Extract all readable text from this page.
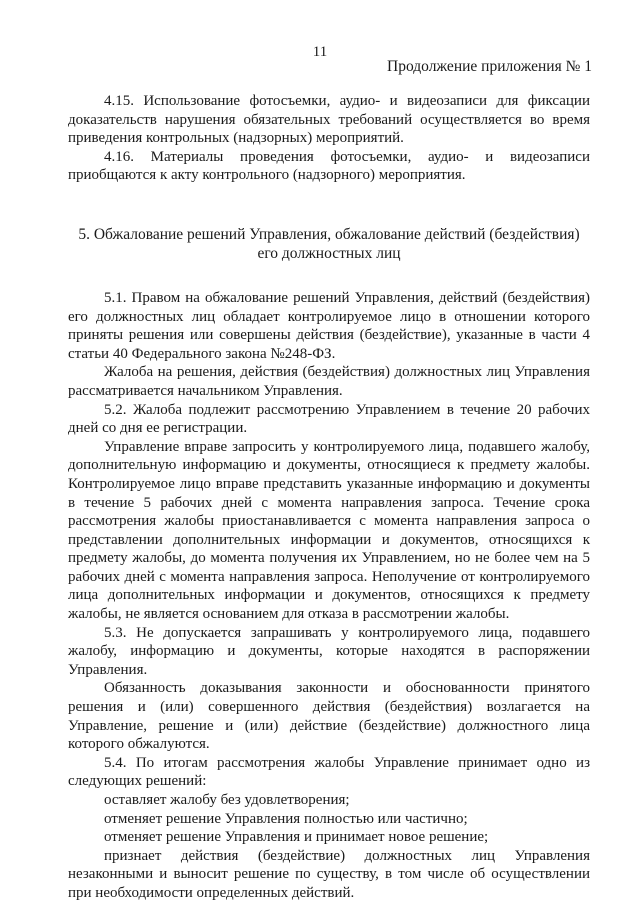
11
Продолжение приложения № 1

4.15. Использование фотосъемки, аудио- и видеозаписи для фиксации доказательств нарушения обязательных требований осуществляется во время приведения контрольных (надзорных) мероприятий.

4.16. Материалы проведения фотосъемки, аудио- и видеозаписи приобщаются к акту контрольного (надзорного) мероприятия.

5. Обжалование решений Управления, обжалование действий (бездействия)
его должностных лиц

5.1. Правом на обжалование решений Управления, действий (бездействия) его должностных лиц обладает контролируемое лицо в отношении которого приняты решения или совершены действия (бездействие), указанные в части 4 статьи 40 Федерального закона №248-ФЗ.

Жалоба на решения, действия (бездействия) должностных лиц Управления рассматривается начальником Управления.

5.2. Жалоба подлежит рассмотрению Управлением в течение 20 рабочих дней со дня ее регистрации.

Управление вправе запросить у контролируемого лица, подавшего жалобу, дополнительную информацию и документы, относящиеся к предмету жалобы. Контролируемое лицо вправе представить указанные информацию и документы в течение 5 рабочих дней с момента направления запроса. Течение срока рассмотрения жалобы приостанавливается с момента направления запроса о представлении дополнительных информации и документов, относящихся к предмету жалобы, до момента получения их Управлением, но не более чем на 5 рабочих дней с момента направления запроса. Неполучение от контролируемого лица дополнительных информации и документов, относящихся к предмету жалобы, не является основанием для отказа в рассмотрении жалобы.

5.3. Не допускается запрашивать у контролируемого лица, подавшего жалобу, информацию и документы, которые находятся в распоряжении Управления.

Обязанность доказывания законности и обоснованности принятого решения и (или) совершенного действия (бездействия) возлагается на Управление, решение и (или) действие (бездействие) должностного лица которого обжалуются.

5.4. По итогам рассмотрения жалобы Управление принимает одно из следующих решений:

оставляет жалобу без удовлетворения;

отменяет решение Управления полностью или частично;

отменяет решение Управления и принимает новое решение;

признает действия (бездействие) должностных лиц Управления незаконными и выносит решение по существу, в том числе об осуществлении при необходимости определенных действий.
